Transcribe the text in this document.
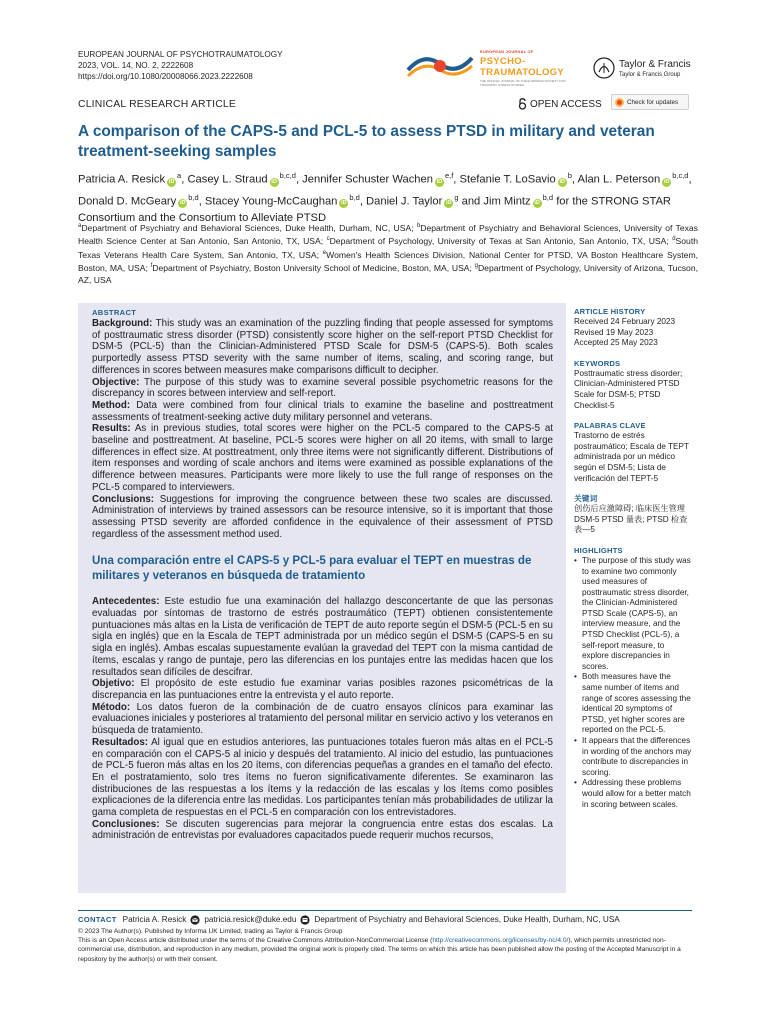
EUROPEAN JOURNAL OF PSYCHOTRAUMATOLOGY
2023, VOL. 14, NO. 2, 2222608
https://doi.org/10.1080/20008066.2023.2222608
EUROPEAN JOURNAL OF
PSYCHO-
TRAUMATOLOGY
THE OFFICIAL JOURNAL OF THE EUROPEAN SOCIETY FOR TRAUMATIC STRESS STUDIES
Taylor & Francis
Taylor & Francis Group
CLINICAL RESEARCH ARTICLE	OPEN ACCESS	Check for updates
A comparison of the CAPS-5 and PCL-5 to assess PTSD in military and veteran treatment-seeking samples
Patricia A. Resick $iD^a$, Casey L. Straud iD$^{b,c,d}$, Jennifer Schuster Wachen iD$^{e,f}$, Stefanie T. LoSavio $iD^b$, Alan L. Peterson iD$^{b,c,d}$, Donald D. McGeary iD$^{b,d}$, Stacey Young-McCaughan iD$^{b,d}$, Daniel J. Taylor $iD^g$ and Jim Mintz iD$^{b,d}$ for the STRONG STAR Consortium and the Consortium to Alleviate PTSD
$^a$Department of Psychiatry and Behavioral Sciences, Duke Health, Durham, NC, USA; $^b$Department of Psychiatry and Behavioral Sciences, University of Texas Health Science Center at San Antonio, San Antonio, TX, USA; $^c$Department of Psychology, University of Texas at San Antonio, San Antonio, TX, USA; $^d$South Texas Veterans Health Care System, San Antonio, TX, USA; $^e$Women's Health Sciences Division, National Center for PTSD, VA Boston Healthcare System, Boston, MA, USA; $^f$Department of Psychiatry, Boston University School of Medicine, Boston, MA, USA; $^g$Department of Psychology, University of Arizona, Tucson, AZ, USA
ABSTRACT

Background: This study was an examination of the puzzling finding that people assessed for symptoms of posttraumatic stress disorder (PTSD) consistently score higher on the self-report PTSD Checklist for DSM-5 (PCL-5) than the Clinician-Administered PTSD Scale for DSM-5 (CAPS-5). Both scales purportedly assess PTSD severity with the same number of items, scaling, and scoring range, but differences in scores between measures make comparisons difficult to decipher.

Objective: The purpose of this study was to examine several possible psychometric reasons for the discrepancy in scores between interview and self-report.

Method: Data were combined from four clinical trials to examine the baseline and posttreatment assessments of treatment-seeking active duty military personnel and veterans.

Results: As in previous studies, total scores were higher on the PCL-5 compared to the CAPS-5 at baseline and posttreatment. At baseline, PCL-5 scores were higher on all 20 items, with small to large differences in effect size. At posttreatment, only three items were not significantly different. Distributions of item responses and wording of scale anchors and items were examined as possible explanations of the difference between measures. Participants were more likely to use the full range of responses on the PCL-5 compared to interviewers.

Conclusions: Suggestions for improving the congruence between these two scales are discussed. Administration of interviews by trained assessors can be resource intensive, so it is important that those assessing PTSD severity are afforded confidence in the equivalence of their assessment of PTSD regardless of the assessment method used.

Una comparación entre el CAPS-5 y PCL-5 para evaluar el TEPT en muestras de militares y veteranos en búsqueda de tratamiento

Antecedentes: Este estudio fue una examinación del hallazgo desconcertante de que las personas evaluadas por síntomas de trastorno de estrés postraumático (TEPT) obtienen consistentemente puntuaciones más altas en la Lista de verificación de TEPT de auto reporte según el DSM-5 (PCL-5 en su sigla en inglés) que en la Escala de TEPT administrada por un médico según el DSM-5 (CAPS-5 en su sigla en inglés). Ambas escalas supuestamente evalúan la gravedad del TEPT con la misma cantidad de ítems, escalas y rango de puntaje, pero las diferencias en los puntajes entre las medidas hacen que los resultados sean difíciles de descifrar.

Objetivo: El propósito de este estudio fue examinar varias posibles razones psicométricas de la discrepancia en las puntuaciones entre la entrevista y el auto reporte.

Método: Los datos fueron de la combinación de de cuatro ensayos clínicos para examinar las evaluaciones iniciales y posteriores al tratamiento del personal militar en servicio activo y los veteranos en búsqueda de tratamiento.

Resultados: Al igual que en estudios anteriores, las puntuaciones totales fueron más altas en el PCL-5 en comparación con el CAPS-5 al inicio y después del tratamiento. Al inicio del estudio, las puntuaciones de PCL-5 fueron más altas en los 20 ítems, con diferencias pequeñas a grandes en el tamaño del efecto. En el postratamiento, solo tres ítems no fueron significativamente diferentes. Se examinaron las distribuciones de las respuestas a los ítems y la redacción de las escalas y los ítems como posibles explicaciones de la diferencia entre las medidas. Los participantes tenían más probabilidades de utilizar la gama completa de respuestas en el PCL-5 en comparación con los entrevistadores.

Conclusiones: Se discuten sugerencias para mejorar la congruencia entre estas dos escalas. La administración de entrevistas por evaluadores capacitados puede requerir muchos recursos,

ARTICLE HISTORY
Received 24 February 2023
Revised 19 May 2023
Accepted 25 May 2023
KEYWORDS
Posttraumatic stress disorder; Clinician-Administered PTSD Scale for DSM-5; PTSD Checklist-5
PALABRAS CLAVE
Trastorno de estrés postraumático; Escala de TEPT administrada por un médico según el DSM-5; Lista de verificación del TEPT-5
关键词
创伤后应激障碍; 临床医生管理DSM-5 PTSD 量表; PTSD 检查表—5
HIGHLIGHTS
• The purpose of this study was to examine two commonly used measures of posttraumatic stress disorder, the Clinician-Administered PTSD Scale (CAPS-5), an interview measure, and the PTSD Checklist (PCL-5), a self-report measure, to explore discrepancies in scores.
• Both measures have the same number of items and range of scores assessing the identical 20 symptoms of PTSD, yet higher scores are reported on the PCL-5.
• It appears that the differences in wording of the anchors may contribute to discrepancies in scoring.
• Addressing these problems would allow for a better match in scoring between scales.
CONTACT Patricia A. Resick patricia.resick@duke.edu Department of Psychiatry and Behavioral Sciences, Duke Health, Durham, NC, USA
© 2023 The Author(s). Published by Informa UK Limited, trading as Taylor & Francis Group
This is an Open Access article distributed under the terms of the Creative Commons Attribution-NonCommercial License (http://creativecommons.org/licenses/by-nc/4.0/), which permits unrestricted non-commercial use, distribution, and reproduction in any medium, provided the original work is properly cited. The terms on which this article has been published allow the posting of the Accepted Manuscript in a repository by the author(s) or with their consent.
